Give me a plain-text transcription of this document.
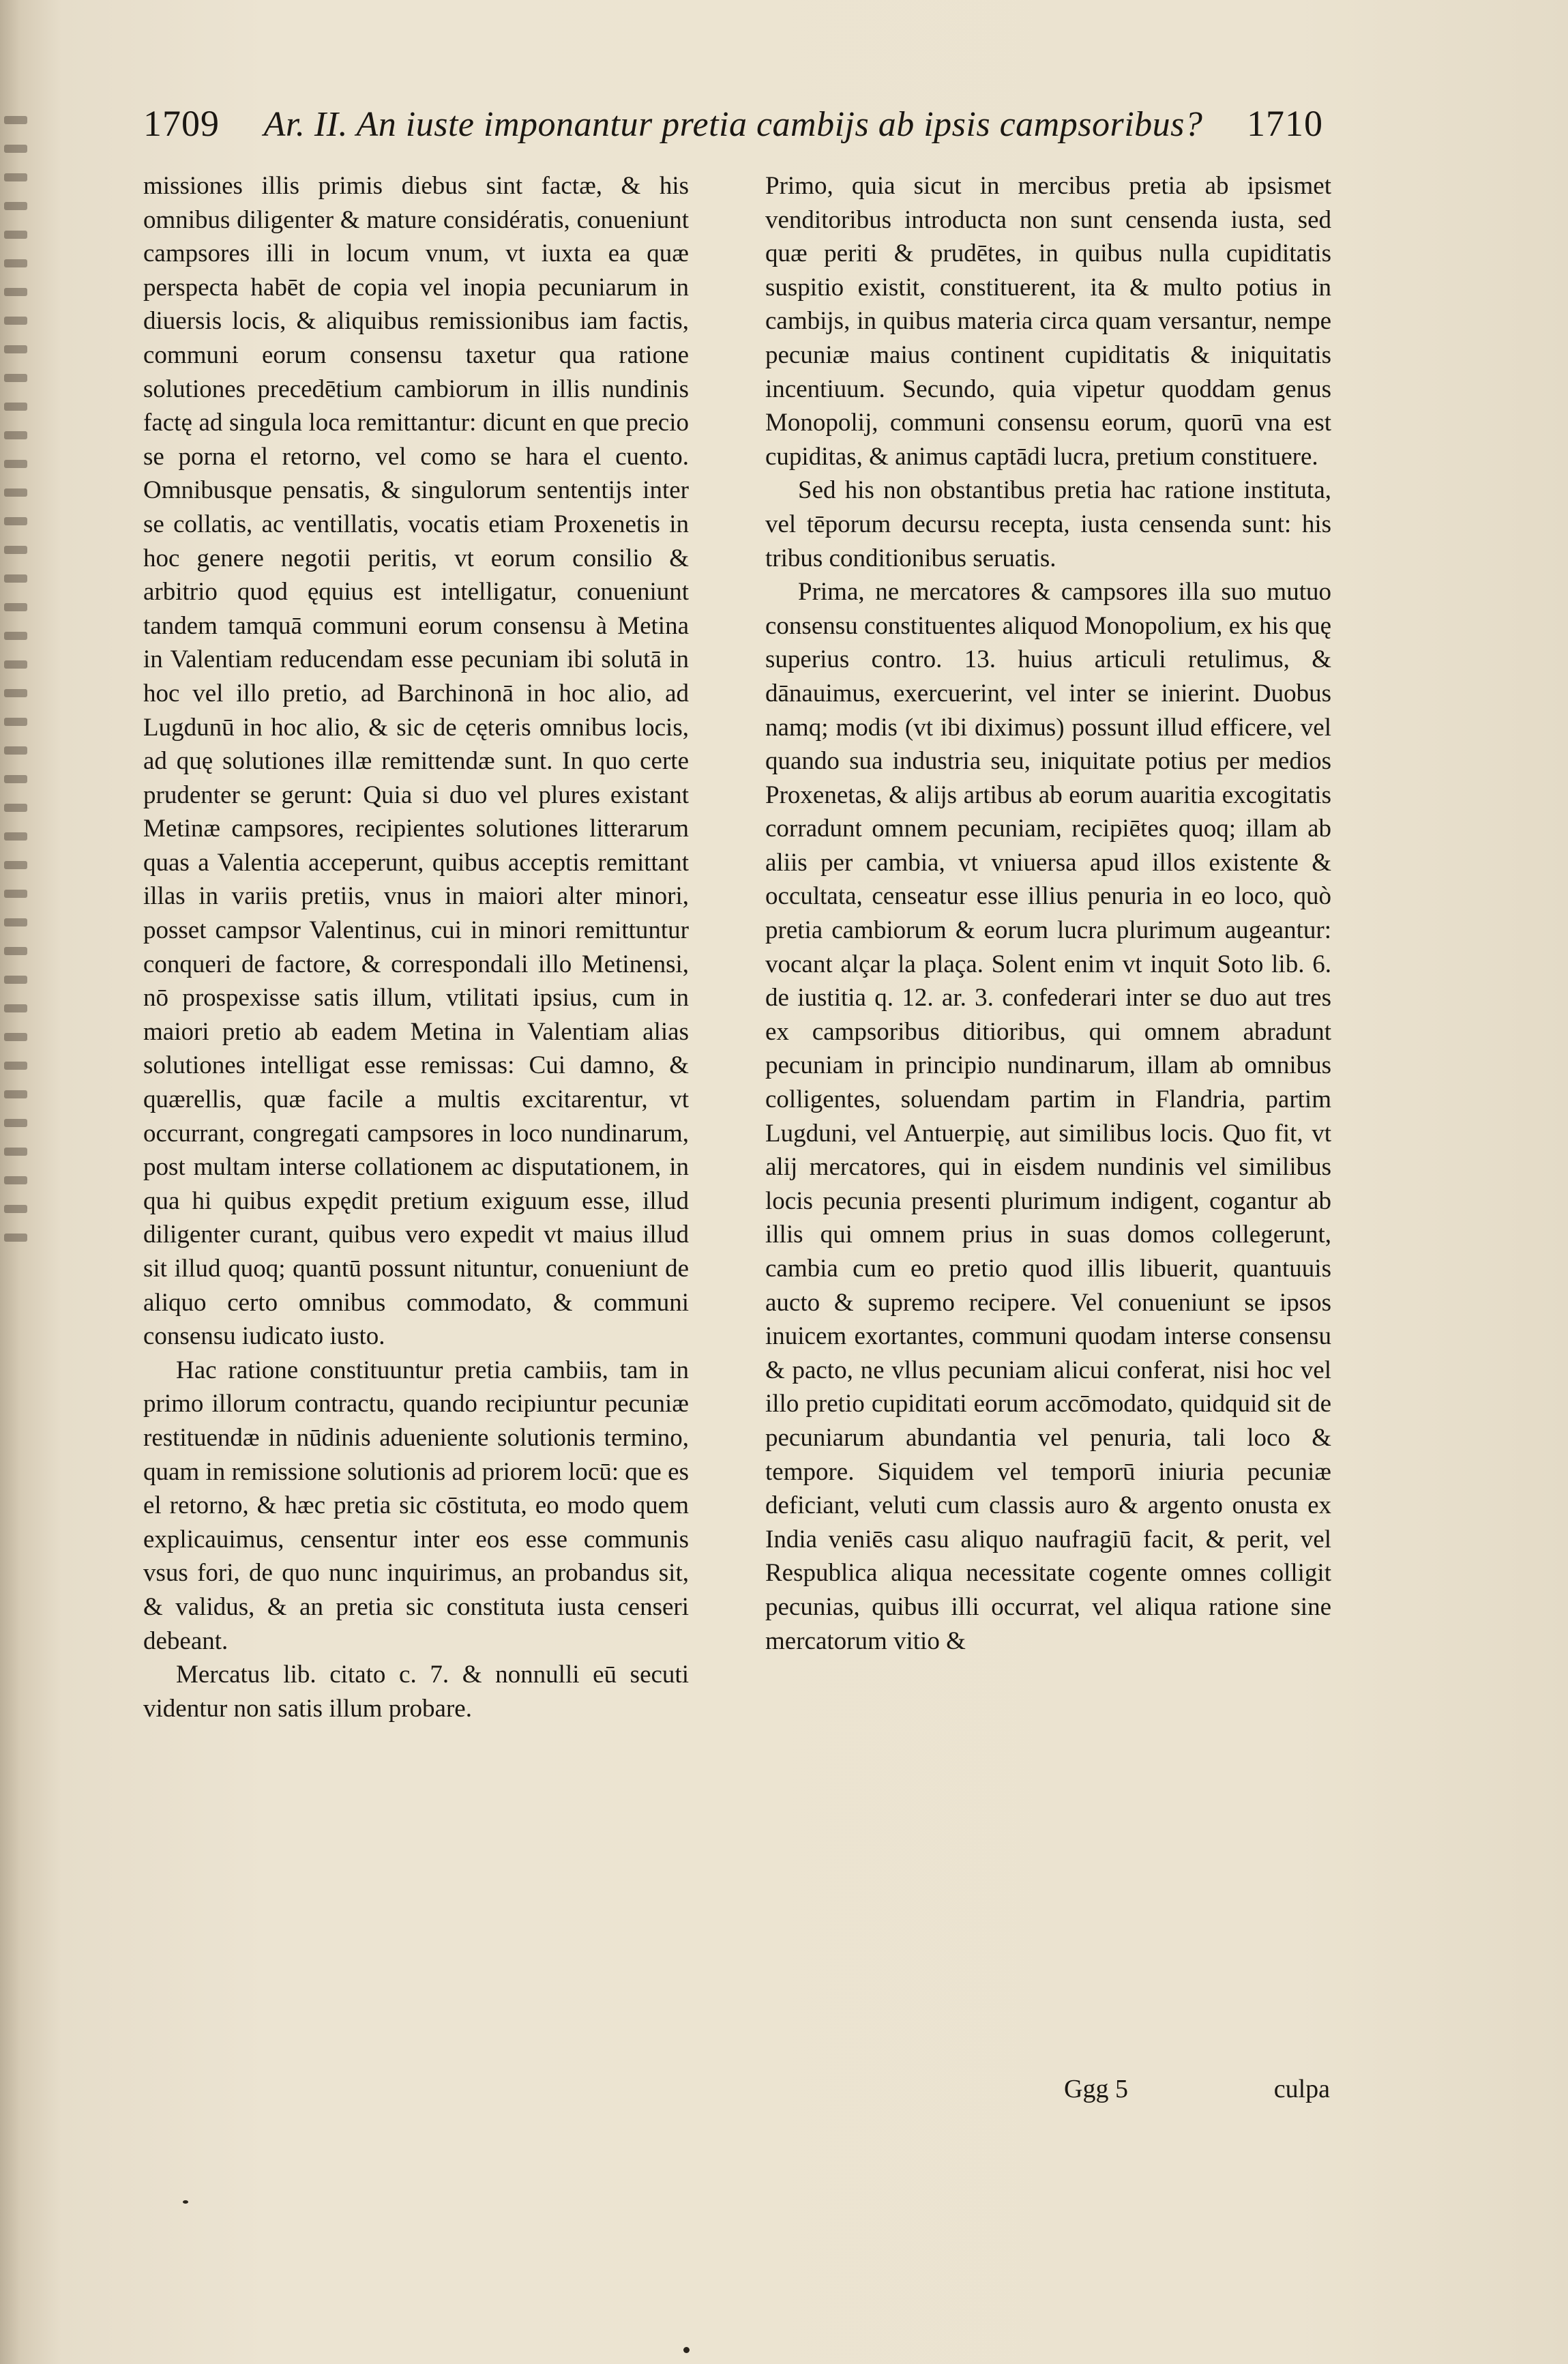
1709 Ar. II. An iuste imponantur pretia cambijs ab ipsis campsoribus? 1710

missiones illis primis diebus sint factæ, & his omnibus diligenter & mature considératis, conueniunt campsores illi in locum vnum, vt iuxta ea quæ perspecta habēt de copia vel inopia pecuniarum in diuersis locis, & aliquibus remissionibus iam factis, communi eorum consensu taxetur qua ratione solutiones precedētium cambiorum in illis nundinis factę ad singula loca remittantur: dicunt en que precio se porna el retorno, vel como se hara el cuento. Omnibusque pensatis, & singulorum sententijs inter se collatis, ac ventillatis, vocatis etiam Proxenetis in hoc genere negotii peritis, vt eorum consilio & arbitrio quod ęquius est intelligatur, conueniunt tandem tamquā communi eorum consensu à Metina in Valentiam reducendam esse pecuniam ibi solutā in hoc vel illo pretio, ad Barchinonā in hoc alio, ad Lugdunū in hoc alio, & sic de cęteris omnibus locis, ad quę solutiones illæ remittendæ sunt. In quo certe prudenter se gerunt: Quia si duo vel plures existant Metinæ campsores, recipientes solutiones litterarum quas a Valentia acceperunt, quibus acceptis remittant illas in variis pretiis, vnus in maiori alter minori, posset campsor Valentinus, cui in minori remittuntur conqueri de factore, & correspondali illo Metinensi, nō prospexisse satis illum, vtilitati ipsius, cum in maiori pretio ab eadem Metina in Valentiam alias solutiones intelligat esse remissas: Cui damno, & quærellis, quæ facile a multis excitarentur, vt occurrant, congregati campsores in loco nundinarum, post multam interse collationem ac disputationem, in qua hi quibus expędit pretium exiguum esse, illud diligenter curant, quibus vero expedit vt maius illud sit illud quoq; quantū possunt nituntur, conueniunt de aliquo certo omnibus commodato, & communi consensu iudicato iusto.

Hac ratione constituuntur pretia cambiis, tam in primo illorum contractu, quando recipiuntur pecuniæ restituendæ in nūdinis adueniente solutionis termino, quam in remissione solutionis ad priorem locū: que es el retorno, & hæc pretia sic cōstituta, eo modo quem explicauimus, censentur inter eos esse communis vsus fori, de quo nunc inquirimus, an probandus sit, & validus, & an pretia sic constituta iusta censeri debeant.

Mercatus lib. citato c. 7. & nonnulli eū secuti videntur non satis illum probare.

Primo, quia sicut in mercibus pretia ab ipsismet venditoribus introducta non sunt censenda iusta, sed quæ periti & prudētes, in quibus nulla cupiditatis suspitio existit, constituerent, ita & multo potius in cambijs, in quibus materia circa quam versantur, nempe pecuniæ maius continent cupiditatis & iniquitatis incentiuum. Secundo, quia vipetur quoddam genus Monopolij, communi consensu eorum, quorū vna est cupiditas, & animus captādi lucra, pretium constituere.

Sed his non obstantibus pretia hac ratione instituta, vel tēporum decursu recepta, iusta censenda sunt: his tribus conditionibus seruatis.

Prima, ne mercatores & campsores illa suo mutuo consensu constituentes aliquod Monopolium, ex his quę superius contro. 13. huius articuli retulimus, & dānauimus, exercuerint, vel inter se inierint. Duobus namq; modis (vt ibi diximus) possunt illud efficere, vel quando sua industria seu, iniquitate potius per medios Proxenetas, & alijs artibus ab eorum auaritia excogitatis corradunt omnem pecuniam, recipiētes quoq; illam ab aliis per cambia, vt vniuersa apud illos existente & occultata, censeatur esse illius penuria in eo loco, quò pretia cambiorum & eorum lucra plurimum augeantur: vocant alçar la plaça. Solent enim vt inquit Soto lib. 6. de iustitia q. 12. ar. 3. confederari inter se duo aut tres ex campsoribus ditioribus, qui omnem abradunt pecuniam in principio nundinarum, illam ab omnibus colligentes, soluendam partim in Flandria, partim Lugduni, vel Antuerpię, aut similibus locis. Quo fit, vt alij mercatores, qui in eisdem nundinis vel similibus locis pecunia presenti plurimum indigent, cogantur ab illis qui omnem prius in suas domos collegerunt, cambia cum eo pretio quod illis libuerit, quantuuis aucto & supremo recipere. Vel conueniunt se ipsos inuicem exortantes, communi quodam interse consensu & pacto, ne vllus pecuniam alicui conferat, nisi hoc vel illo pretio cupiditati eorum accōmodato, quidquid sit de pecuniarum abundantia vel penuria, tali loco & tempore. Siquidem vel temporū iniuria pecuniæ deficiant, veluti cum classis auro & argento onusta ex India veniēs casu aliquo naufragiū facit, & perit, vel Respublica aliqua necessitate cogente omnes colligit pecunias, quibus illi occurrat, vel aliqua ratione sine mercatorum vitio &

Ggg 5	culpa
